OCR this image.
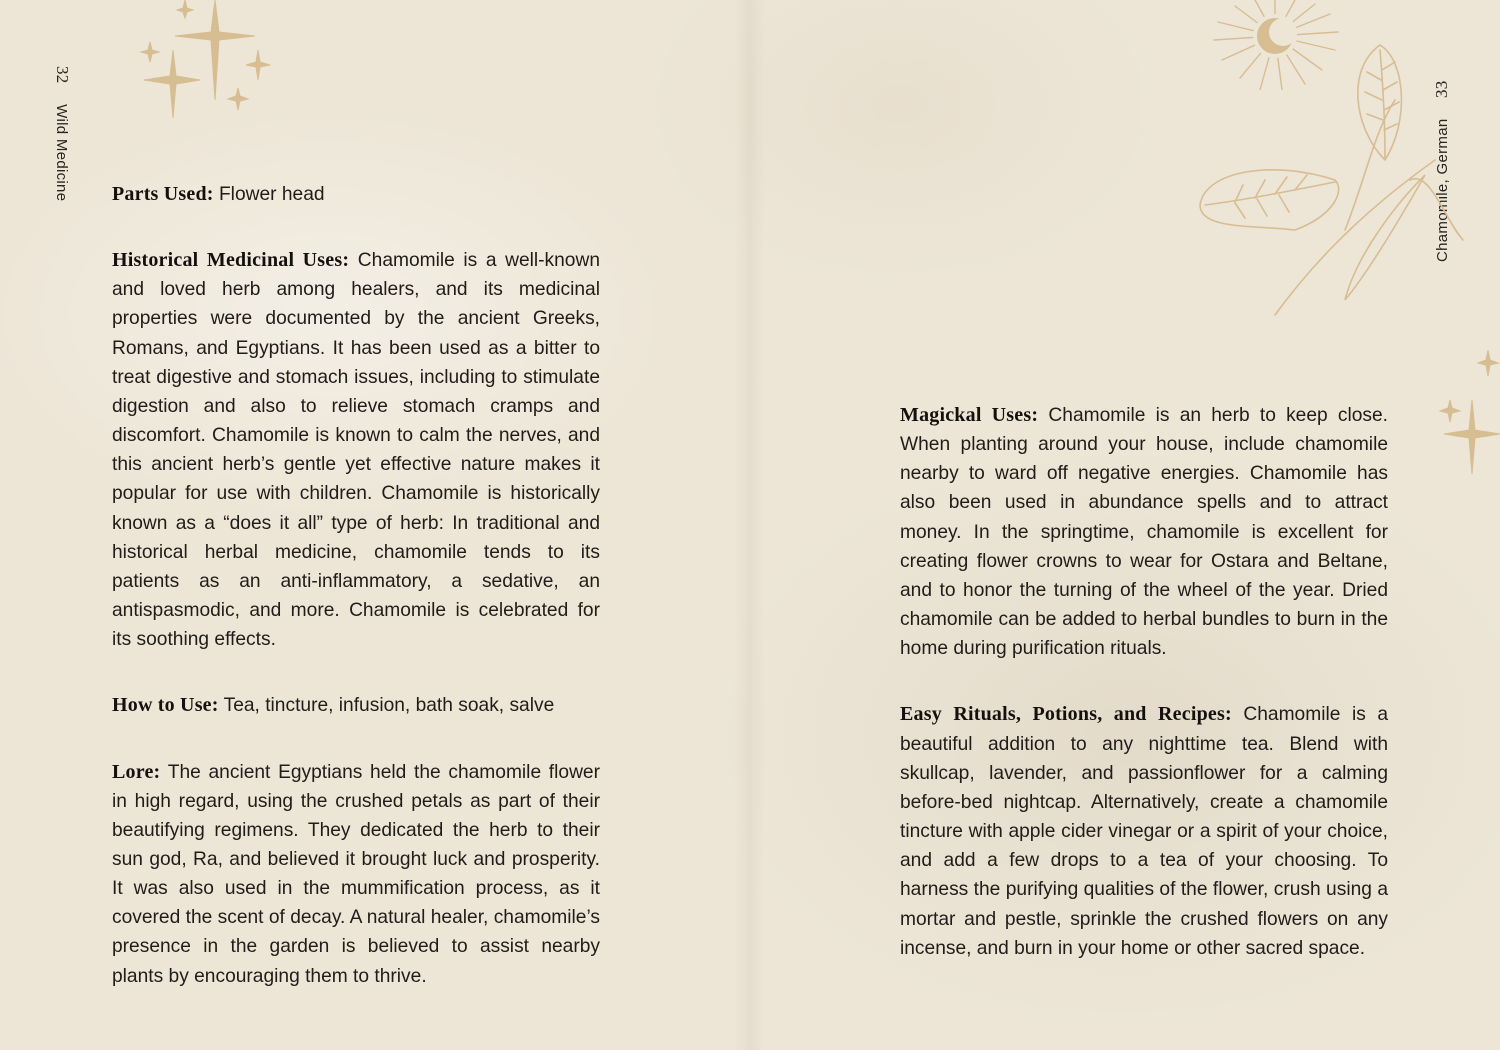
32 Wild Medicine	Chamomile, German 33

Parts Used: Flower head

Historical Medicinal Uses: Chamomile is a well-known and loved herb among healers, and its medicinal properties were documented by the ancient Greeks, Romans, and Egyptians. It has been used as a bitter to treat digestive and stomach issues, including to stimulate digestion and also to relieve stomach cramps and discomfort. Chamomile is known to calm the nerves, and this ancient herb’s gentle yet effective nature makes it popular for use with children. Chamomile is historically known as a “does it all” type of herb: In traditional and historical herbal medicine, chamomile tends to its patients as an anti-inflammatory, a sedative, an antispasmodic, and more. Chamomile is celebrated for its soothing effects.

How to Use: Tea, tincture, infusion, bath soak, salve

Lore: The ancient Egyptians held the chamomile flower in high regard, using the crushed petals as part of their beautifying regimens. They dedicated the herb to their sun god, Ra, and believed it brought luck and prosperity. It was also used in the mummification process, as it covered the scent of decay. A natural healer, chamomile’s presence in the garden is believed to assist nearby plants by encouraging them to thrive.

Magickal Uses: Chamomile is an herb to keep close. When planting around your house, include chamomile nearby to ward off negative energies. Chamomile has also been used in abundance spells and to attract money. In the springtime, chamomile is excellent for creating flower crowns to wear for Ostara and Beltane, and to honor the turning of the wheel of the year. Dried chamomile can be added to herbal bundles to burn in the home during purification rituals.

Easy Rituals, Potions, and Recipes: Chamomile is a beautiful addition to any nighttime tea. Blend with skullcap, lavender, and passionflower for a calming before-bed nightcap. Alternatively, create a chamomile tincture with apple cider vinegar or a spirit of your choice, and add a few drops to a tea of your choosing. To harness the purifying qualities of the flower, crush using a mortar and pestle, sprinkle the crushed flowers on any incense, and burn in your home or other sacred space.
